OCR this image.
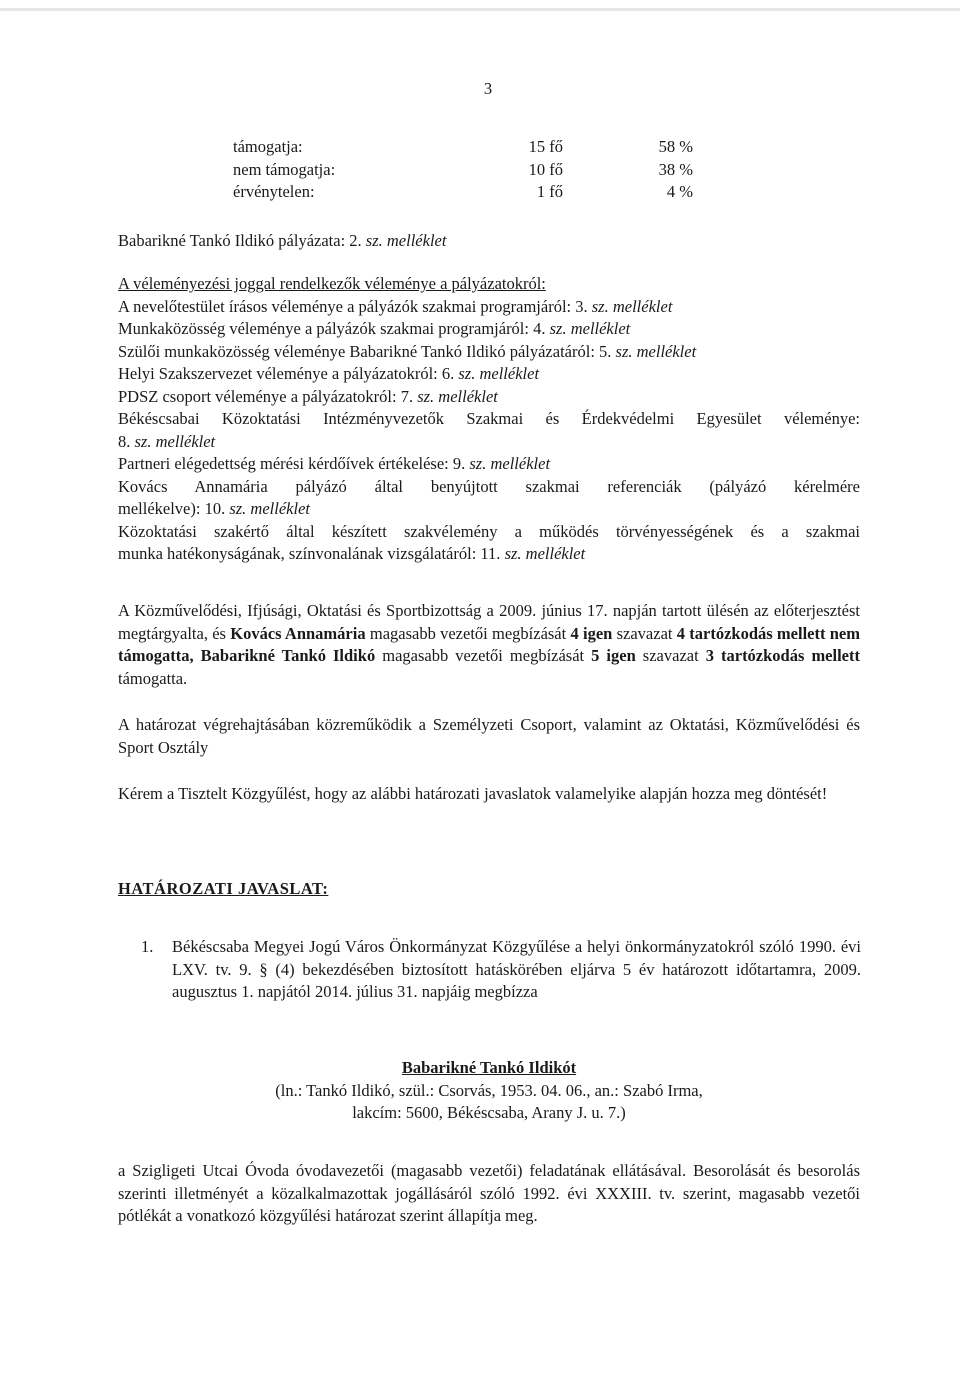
3
támogatja:	15 fő	58 %
nem támogatja:	10 fő	38 %
érvénytelen:	1 fő	4 %
Babarikné Tankó Ildikó pályázata: 2. sz. melléklet
A véleményezési joggal rendelkezők véleménye a pályázatokról:
A nevelőtestület írásos véleménye a pályázók szakmai programjáról: 3. sz. melléklet
Munkaközösség véleménye a pályázók szakmai programjáról: 4. sz. melléklet
Szülői munkaközösség véleménye Babarikné Tankó Ildikó pályázatáról: 5. sz. melléklet
Helyi Szakszervezet véleménye a pályázatokról: 6. sz. melléklet
PDSZ csoport véleménye a pályázatokról: 7. sz. melléklet
Békéscsabai Közoktatási Intézményvezetők Szakmai és Érdekvédelmi Egyesület véleménye:
8. sz. melléklet
Partneri elégedettség mérési kérdőívek értékelése: 9. sz. melléklet
Kovács Annamária pályázó által benyújtott szakmai referenciák (pályázó kérelmére
mellékelve): 10. sz. melléklet
Közoktatási szakértő által készített szakvélemény a működés törvényességének és a szakmai
munka hatékonyságának, színvonalának vizsgálatáról: 11. sz. melléklet
A Közművelődési, Ifjúsági, Oktatási és Sportbizottság a 2009. június 17. napján tartott ülésén az előterjesztést megtárgyalta, és Kovács Annamária magasabb vezetői megbízását 4 igen szavazat 4 tartózkodás mellett nem támogatta, Babarikné Tankó Ildikó magasabb vezetői megbízását 5 igen szavazat 3 tartózkodás mellett támogatta.
A határozat végrehajtásában közreműködik a Személyzeti Csoport, valamint az Oktatási, Közművelődési és Sport Osztály
Kérem a Tisztelt Közgyűlést, hogy az alábbi határozati javaslatok valamelyike alapján hozza meg döntését!
HATÁROZATI JAVASLAT:
1. Békéscsaba Megyei Jogú Város Önkormányzat Közgyűlése a helyi önkormányzatokról szóló 1990. évi LXV. tv. 9. § (4) bekezdésében biztosított hatáskörében eljárva 5 év határozott időtartamra, 2009. augusztus 1. napjától 2014. július 31. napjáig megbízza
Babarikné Tankó Ildikót
(ln.: Tankó Ildikó, szül.: Csorvás, 1953. 04. 06., an.: Szabó Irma,
lakcím: 5600, Békéscsaba, Arany J. u. 7.)
a Szigligeti Utcai Óvoda óvodavezetői (magasabb vezetői) feladatának ellátásával. Besorolását és besorolás szerinti illetményét a közalkalmazottak jogállásáról szóló 1992. évi XXXIII. tv. szerint, magasabb vezetői pótlékát a vonatkozó közgyűlési határozat szerint állapítja meg.
